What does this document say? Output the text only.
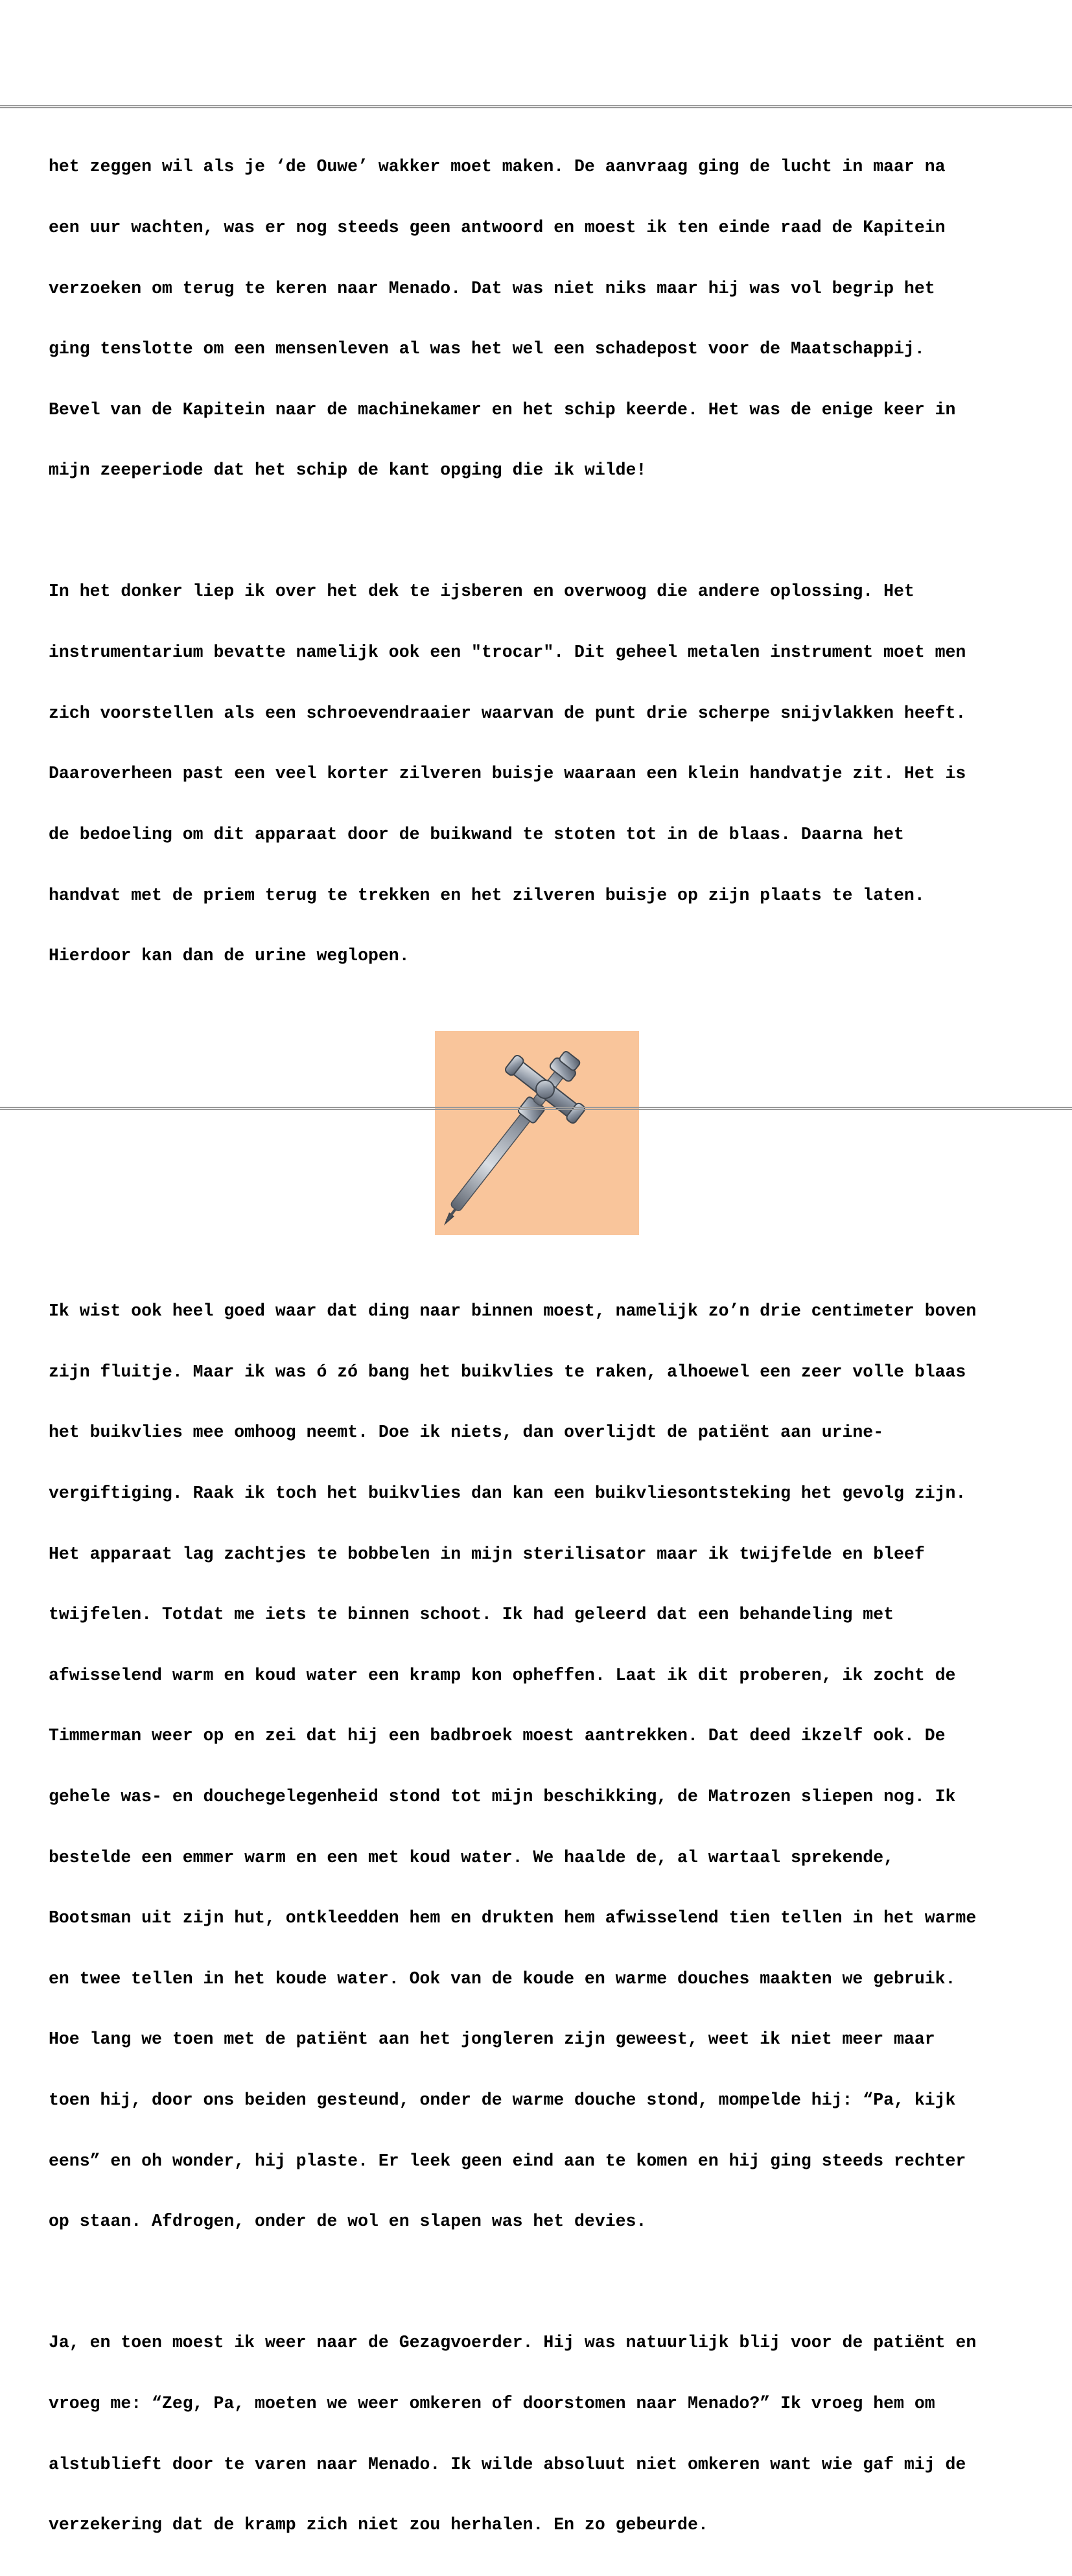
het zeggen wil als je ‘de Ouwe’ wakker moet maken. De aanvraag ging de lucht in maar na

een uur wachten, was er nog steeds geen antwoord en moest ik ten einde raad de Kapitein

verzoeken om terug te keren naar Menado. Dat was niet niks maar hij was vol begrip het

ging tenslotte om een mensenleven al was het wel een schadepost voor de Maatschappij.

Bevel van de Kapitein naar de machinekamer en het schip keerde. Het was de enige keer in

mijn zeeperiode dat het schip de kant opging die ik wilde!

In het donker liep ik over het dek te ijsberen en overwoog die andere oplossing. Het

instrumentarium bevatte namelijk ook een "trocar". Dit geheel metalen instrument moet men

zich voorstellen als een schroevendraaier waarvan de punt drie scherpe snijvlakken heeft.

Daaroverheen past een veel korter zilveren buisje waaraan een klein handvatje zit. Het is

de bedoeling om dit apparaat door de buikwand te stoten tot in de blaas. Daarna het

handvat met de priem terug te trekken en het zilveren buisje op zijn plaats te laten.

Hierdoor kan dan de urine weglopen.

Ik wist ook heel goed waar dat ding naar binnen moest, namelijk zo’n drie centimeter boven

zijn fluitje. Maar ik was ó zó bang het buikvlies te raken, alhoewel een zeer volle blaas

het buikvlies mee omhoog neemt. Doe ik niets, dan overlijdt de patiënt aan urine-

vergiftiging. Raak ik toch het buikvlies dan kan een buikvliesontsteking het gevolg zijn.

Het apparaat lag zachtjes te bobbelen in mijn sterilisator maar ik twijfelde en bleef

twijfelen. Totdat me iets te binnen schoot. Ik had geleerd dat een behandeling met

afwisselend warm en koud water een kramp kon opheffen. Laat ik dit proberen, ik zocht de

Timmerman weer op en zei dat hij een badbroek moest aantrekken. Dat deed ikzelf ook. De

gehele was- en douchegelegenheid stond tot mijn beschikking, de Matrozen sliepen nog. Ik

bestelde een emmer warm en een met koud water. We haalde de, al wartaal sprekende,

Bootsman uit zijn hut, ontkleedden hem en drukten hem afwisselend tien tellen in het warme

en twee tellen in het koude water. Ook van de koude en warme douches maakten we gebruik.

Hoe lang we toen met de patiënt aan het jongleren zijn geweest, weet ik niet meer maar

toen hij, door ons beiden gesteund, onder de warme douche stond, mompelde hij: “Pa, kijk

eens” en oh wonder, hij plaste. Er leek geen eind aan te komen en hij ging steeds rechter

op staan. Afdrogen, onder de wol en slapen was het devies.

Ja, en toen moest ik weer naar de Gezagvoerder. Hij was natuurlijk blij voor de patiënt en

vroeg me: “Zeg, Pa, moeten we weer omkeren of doorstomen naar Menado?” Ik vroeg hem om

alstublieft door te varen naar Menado. Ik wilde absoluut niet omkeren want wie gaf mij de

verzekering dat de kramp zich niet zou herhalen. En zo gebeurde.
